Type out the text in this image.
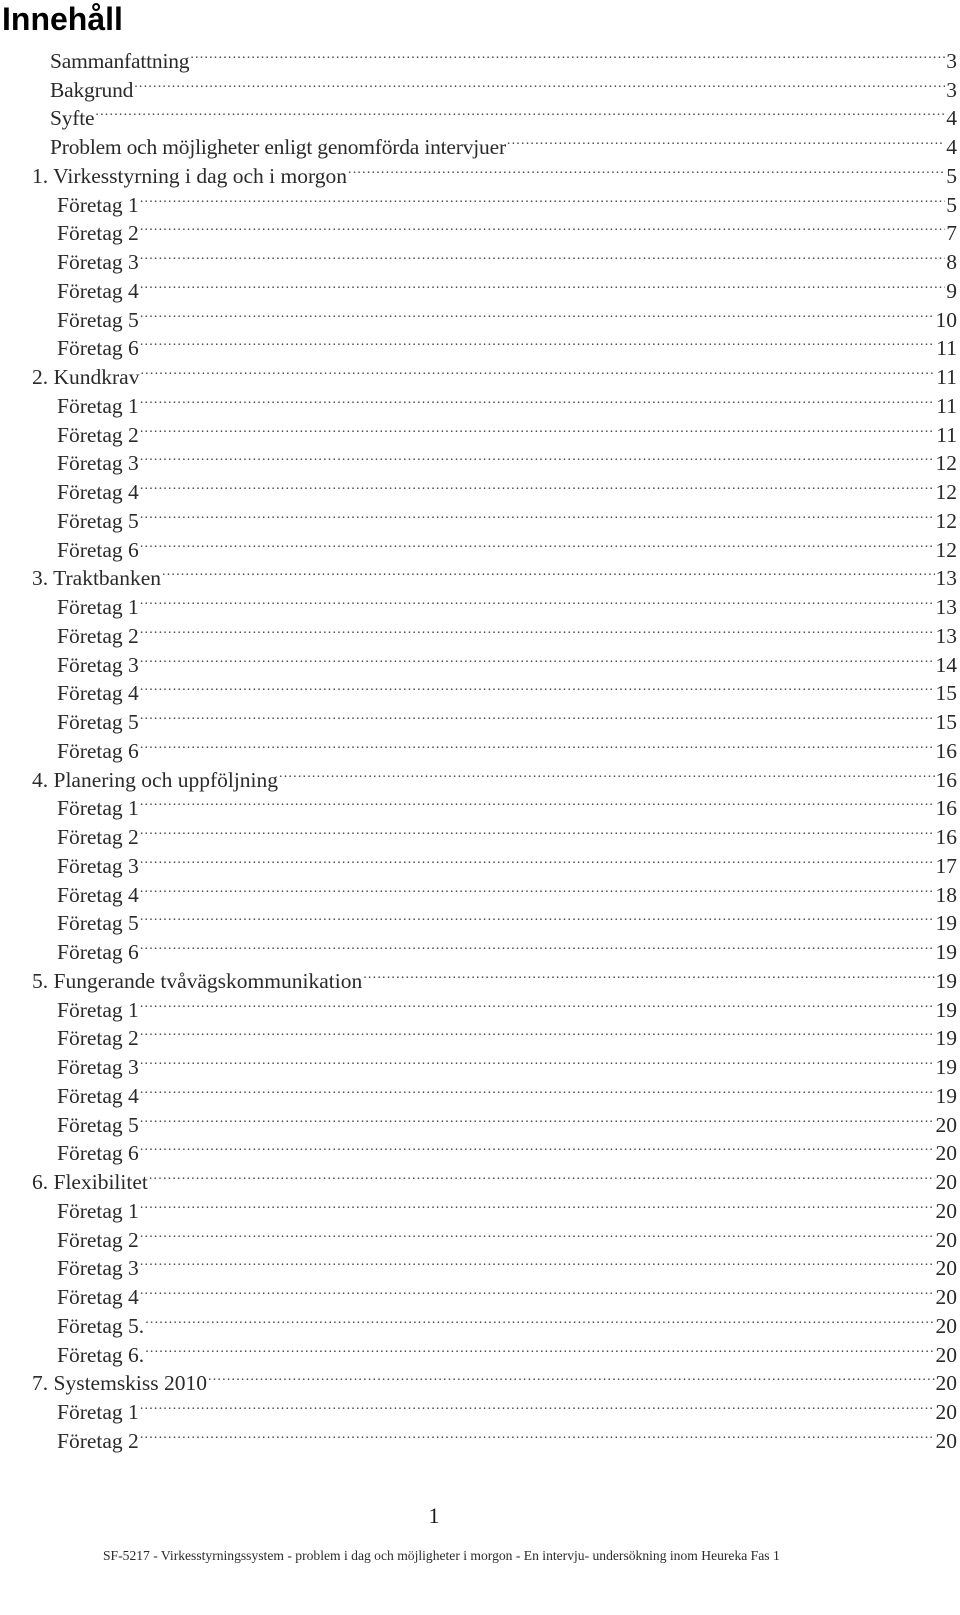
Innehåll
Sammanfattning .....	3
Bakgrund .....	3
Syfte .....	4
Problem och möjligheter enligt genomförda intervjuer .....	4
1. Virkesstyrning i dag och i morgon .....	5
Företag 1 .....	5
Företag 2 .....	7
Företag 3 .....	8
Företag 4 .....	9
Företag 5 .....	10
Företag 6 .....	11
2. Kundkrav .....	11
Företag 1 .....	11
Företag 2 .....	11
Företag 3 .....	12
Företag 4 .....	12
Företag 5 .....	12
Företag 6 .....	12
3. Traktbanken .....	13
Företag 1 .....	13
Företag 2 .....	13
Företag 3 .....	14
Företag 4 .....	15
Företag 5 .....	15
Företag 6 .....	16
4. Planering och uppföljning .....	16
Företag 1 .....	16
Företag 2 .....	16
Företag 3 .....	17
Företag 4 .....	18
Företag 5 .....	19
Företag 6 .....	19
5. Fungerande tvåvägskommunikation .....	19
Företag 1 .....	19
Företag 2 .....	19
Företag 3 .....	19
Företag 4 .....	19
Företag 5 .....	20
Företag 6 .....	20
6. Flexibilitet .....	20
Företag 1 .....	20
Företag 2 .....	20
Företag 3 .....	20
Företag 4 .....	20
Företag 5. .....	20
Företag 6. .....	20
7. Systemskiss 2010 .....	20
Företag 1 .....	20
Företag 2 .....	20
1
SF-5217 - Virkesstyrningssystem - problem i dag och möjligheter i morgon - En intervju- undersökning inom Heureka Fas 1
